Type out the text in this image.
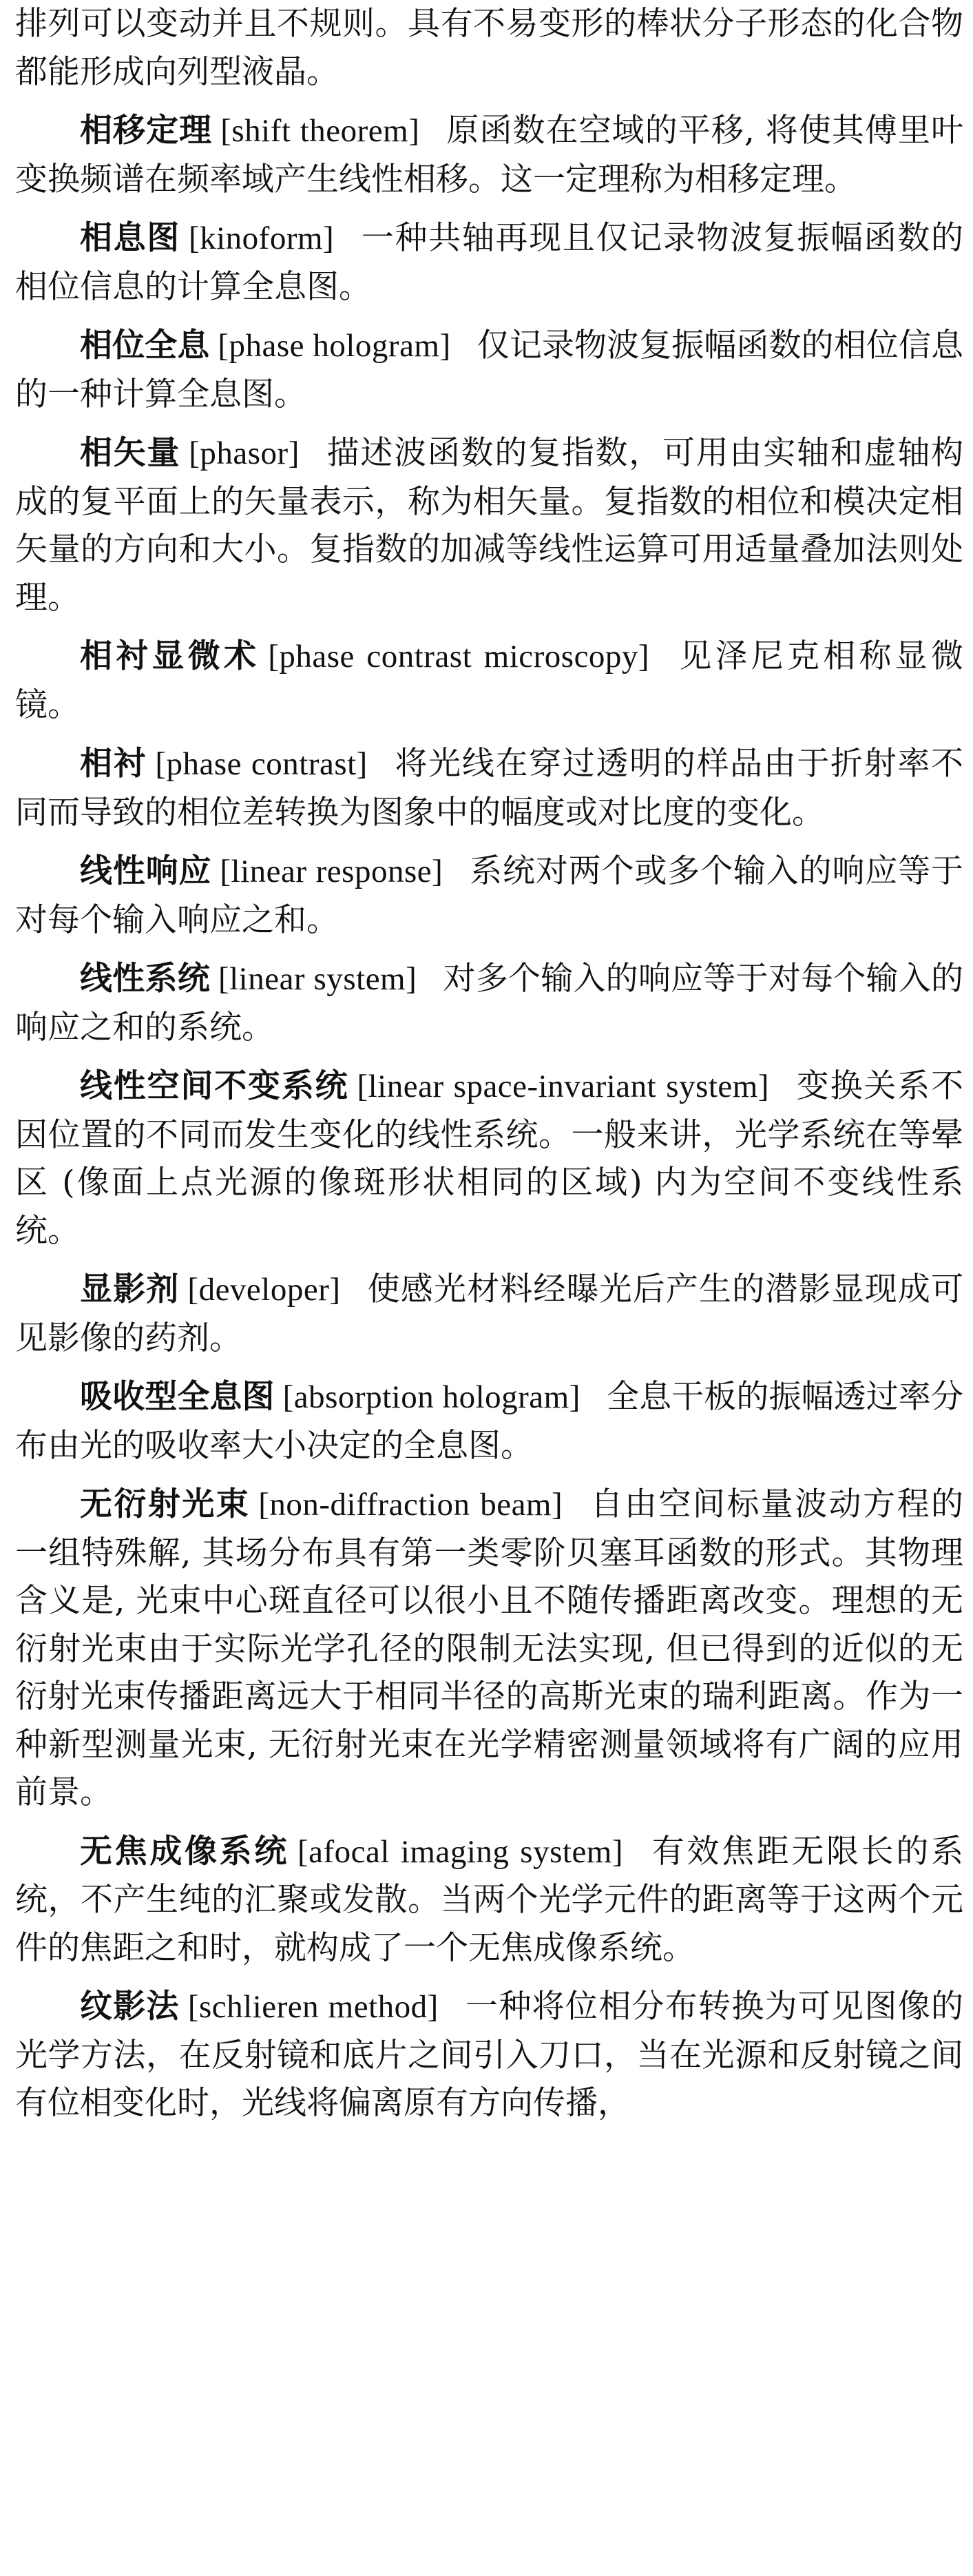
排列可以变动并且不规则。具有不易变形的棒状分子形态的化合物都能形成向列型液晶。

相移定理 [shift theorem] 原函数在空域的平移, 将使其傅里叶变换频谱在频率域产生线性相移。这一定理称为相移定理。

相息图 [kinoform] 一种共轴再现且仅记录物波复振幅函数的相位信息的计算全息图。

相位全息 [phase hologram] 仅记录物波复振幅函数的相位信息的一种计算全息图。

相矢量 [phasor] 描述波函数的复指数，可用由实轴和虚轴构成的复平面上的矢量表示，称为相矢量。复指数的相位和模决定相矢量的方向和大小。复指数的加减等线性运算可用适量叠加法则处理。

相衬显微术 [phase contrast microscopy] 见泽尼克相称显微镜。

相衬 [phase contrast] 将光线在穿过透明的样品由于折射率不同而导致的相位差转换为图象中的幅度或对比度的变化。

线性响应 [linear response] 系统对两个或多个输入的响应等于对每个输入响应之和。

线性系统 [linear system] 对多个输入的响应等于对每个输入的响应之和的系统。

线性空间不变系统 [linear space-invariant system] 变换关系不因位置的不同而发生变化的线性系统。一般来讲，光学系统在等晕区 (像面上点光源的像斑形状相同的区域) 内为空间不变线性系统。

显影剂 [developer] 使感光材料经曝光后产生的潜影显现成可见影像的药剂。

吸收型全息图 [absorption hologram] 全息干板的振幅透过率分布由光的吸收率大小决定的全息图。

无衍射光束 [non-diffraction beam] 自由空间标量波动方程的一组特殊解, 其场分布具有第一类零阶贝塞耳函数的形式。其物理含义是, 光束中心斑直径可以很小且不随传播距离改变。理想的无衍射光束由于实际光学孔径的限制无法实现, 但已得到的近似的无衍射光束传播距离远大于相同半径的高斯光束的瑞利距离。作为一种新型测量光束, 无衍射光束在光学精密测量领域将有广阔的应用前景。

无焦成像系统 [afocal imaging system] 有效焦距无限长的系统，不产生纯的汇聚或发散。当两个光学元件的距离等于这两个元件的焦距之和时，就构成了一个无焦成像系统。

纹影法 [schlieren method] 一种将位相分布转换为可见图像的光学方法，在反射镜和底片之间引入刀口，当在光源和反射镜之间有位相变化时，光线将偏离原有方向传播，
